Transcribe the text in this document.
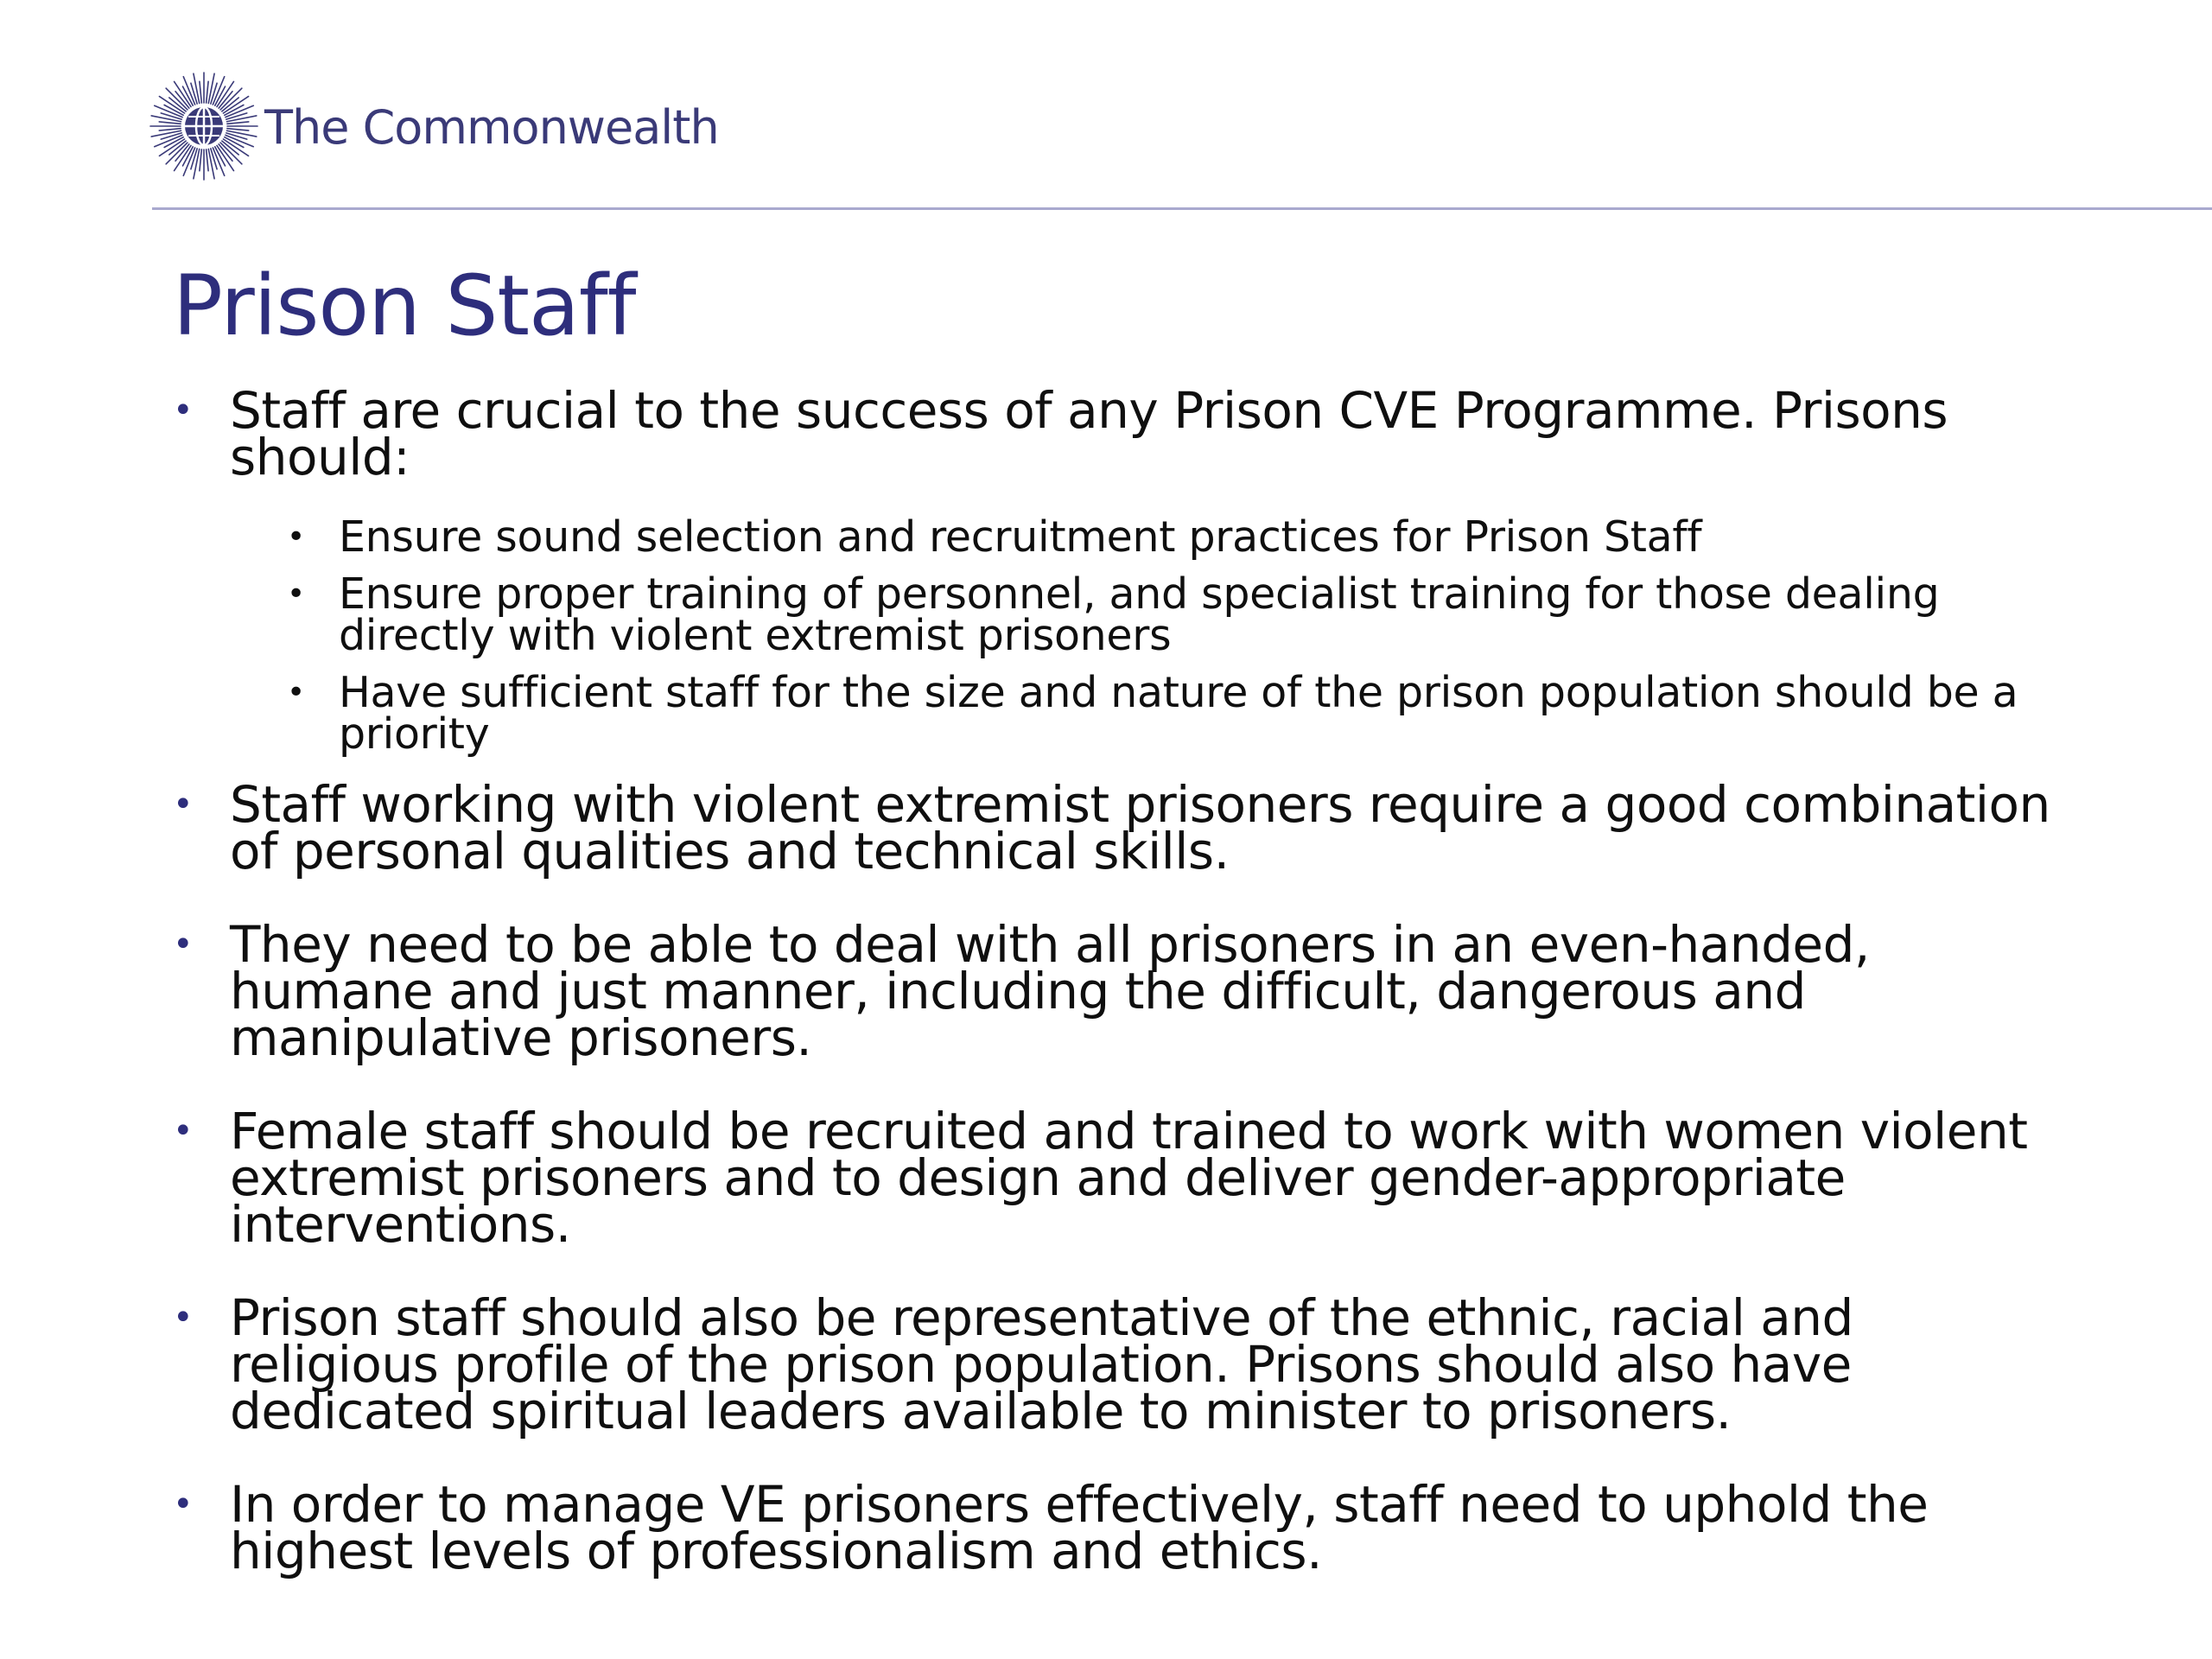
The Commonwealth
Prison Staff
• Staff are crucial to the success of any Prison CVE Programme. Prisons should:
• Ensure sound selection and recruitment practices for Prison Staff
• Ensure proper training of personnel, and specialist training for those dealing directly with violent extremist prisoners
• Have sufficient staff for the size and nature of the prison population should be a priority
• Staff working with violent extremist prisoners require a good combination of personal qualities and technical skills.
• They need to be able to deal with all prisoners in an even-handed, humane and just manner, including the difficult, dangerous and manipulative prisoners.
• Female staff should be recruited and trained to work with women violent extremist prisoners and to design and deliver gender-appropriate interventions.
• Prison staff should also be representative of the ethnic, racial and religious profile of the prison population. Prisons should also have dedicated spiritual leaders available to minister to prisoners.
• In order to manage VE prisoners effectively, staff need to uphold the highest levels of professionalism and ethics.
